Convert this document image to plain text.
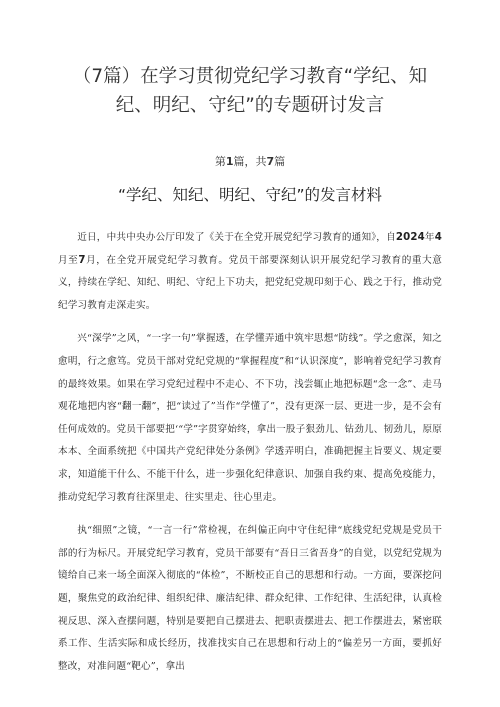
（7篇）在学习贯彻党纪学习教育“学纪、知纪、明纪、守纪”的专题研讨发言
第1篇，共7篇
“学纪、知纪、明纪、守纪”的发言材料

近日，中共中央办公厅印发了《关于在全党开展党纪学习教育的通知》，自2024年4月至7月，在全党开展党纪学习教育。党员干部要深刻认识开展党纪学习教育的重大意义，持续在学纪、知纪、明纪、守纪上下功夫，把党纪党规印刻于心、践之于行，推动党纪学习教育走深走实。

兴“深学”之风，“一字一句”掌握透，在学懂弄通中筑牢思想“防线”。学之愈深，知之愈明，行之愈笃。党员干部对党纪党规的“掌握程度”和“认识深度”，影响着党纪学习教育的最终效果。如果在学习党纪过程中不走心、不下功，浅尝辄止地把标题“念一念”、走马观花地把内容“翻一翻”，把“读过了”当作“学懂了”，没有更深一层、更进一步，是不会有任何成效的。党员干部要把‘“学”字贯穿始终，拿出一股子狠劲儿、钻劲儿、韧劲儿，原原本本、全面系统把《中国共产党纪律处分条例》学透弄明白，准确把握主旨要义、规定要求，知道能干什么、不能干什么，进一步强化纪律意识、加强自我约束、提高免疫能力，推动党纪学习教育往深里走、往实里走、往心里走。

执“细照”之镜，“一言一行”常检视，在纠偏正向中守住纪律“底线党纪党规是党员干部的行为标尺。开展党纪学习教育，党员干部要有“吾日三省吾身”的自觉，以党纪党规为镜给自己来一场全面深入彻底的“体检”，不断校正自己的思想和行动。一方面，要深挖问题，聚焦党的政治纪律、组织纪律、廉洁纪律、群众纪律、工作纪律、生活纪律，认真检视反思、深入查摆问题，特别是要把自己摆进去、把职责摆进去、把工作摆进去，紧密联系工作、生活实际和成长经历，找准找实自己在思想和行动上的“偏差另一方面，要抓好整改，对准问题“靶心”，拿出
